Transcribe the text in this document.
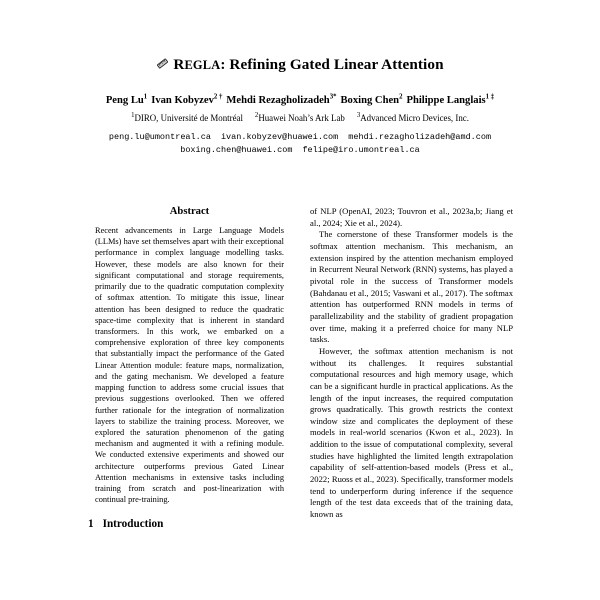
REGLA: Refining Gated Linear Attention
Peng Lu$^1$ Ivan Kobyzev$^{2 \dagger}$ Mehdi Rezagholizadeh$^{3*}$ Boxing Chen$^2$ Philippe Langlais$^{1 \ddagger}$
$^1$DIRO, Université de Montréal $^2$Huawei Noah’s Ark Lab $^3$Advanced Micro Devices, Inc.
peng.lu@umontreal.ca ivan.kobyzev@huawei.com mehdi.rezagholizadeh@amd.com
boxing.chen@huawei.com felipe@iro.umontreal.ca
Abstract

Recent advancements in Large Language Models (LLMs) have set themselves apart with their exceptional performance in complex language modelling tasks. However, these models are also known for their significant computational and storage requirements, primarily due to the quadratic computation complexity of softmax attention. To mitigate this issue, linear attention has been designed to reduce the quadratic space-time complexity that is inherent in standard transformers. In this work, we embarked on a comprehensive exploration of three key components that substantially impact the performance of the Gated Linear Attention module: feature maps, normalization, and the gating mechanism. We developed a feature mapping function to address some crucial issues that previous suggestions overlooked. Then we offered further rationale for the integration of normalization layers to stabilize the training process. Moreover, we explored the saturation phenomenon of the gating mechanism and augmented it with a refining module. We conducted extensive experiments and showed our architecture outperforms previous Gated Linear Attention mechanisms in extensive tasks including training from scratch and post-linearization with continual pre-training.

1 Introduction

of NLP (OpenAI, 2023; Touvron et al., 2023a,b; Jiang et al., 2024; Xie et al., 2024).

The cornerstone of these Transformer models is the softmax attention mechanism. This mechanism, an extension inspired by the attention mechanism employed in Recurrent Neural Network (RNN) systems, has played a pivotal role in the success of Transformer models (Bahdanau et al., 2015; Vaswani et al., 2017). The softmax attention has outperformed RNN models in terms of parallelizability and the stability of gradient propagation over time, making it a preferred choice for many NLP tasks.

However, the softmax attention mechanism is not without its challenges. It requires substantial computational resources and high memory usage, which can be a significant hurdle in practical applications. As the length of the input increases, the required computation grows quadratically. This growth restricts the context window size and complicates the deployment of these models in real-world scenarios (Kwon et al., 2023). In addition to the issue of computational complexity, several studies have highlighted the limited length extrapolation capability of self-attention-based models (Press et al., 2022; Ruoss et al., 2023). Specifically, transformer models tend to underperform during inference if the sequence length of the test data exceeds that of the training data, known as
